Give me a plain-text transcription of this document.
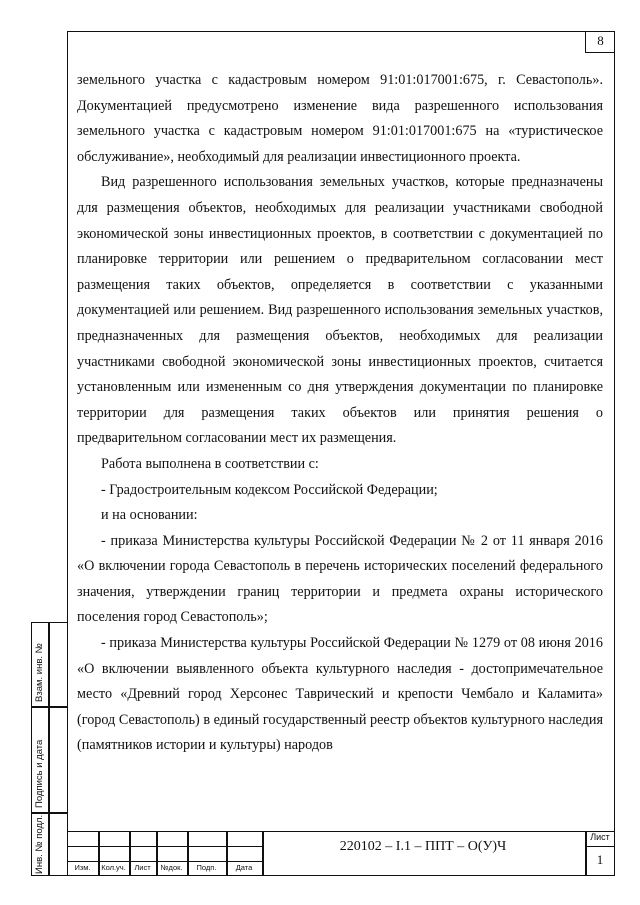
8

земельного участка с кадастровым номером 91:01:017001:675, г. Севастополь». Документацией предусмотрено изменение вида разрешенного использования земельного участка с кадастровым номером 91:01:017001:675 на «туристическое обслуживание», необходимый для реализации инвестиционного проекта.

Вид разрешенного использования земельных участков, которые предназначены для размещения объектов, необходимых для реализации участниками свободной экономической зоны инвестиционных проектов, в соответствии с документацией по планировке территории или решением о предварительном согласовании мест размещения таких объектов, определяется в соответствии с указанными документацией или решением. Вид разрешенного использования земельных участков, предназначенных для размещения объектов, необходимых для реализации участниками свободной экономической зоны инвестиционных проектов, считается установленным или измененным со дня утверждения документации по планировке территории для размещения таких объектов или принятия решения о предварительном согласовании мест их размещения.

Работа выполнена в соответствии с:

- Градостроительным кодексом Российской Федерации;

и на основании:

- приказа Министерства культуры Российской Федерации № 2 от 11 января 2016 «О включении города Севастополь в перечень исторических поселений федерального значения, утверждении границ территории и предмета охраны исторического поселения город Севастополь»;

- приказа Министерства культуры Российской Федерации № 1279 от 08 июня 2016 «О включении выявленного объекта культурного наследия - достопримечательное место «Древний город Херсонес Таврический и крепости Чембало и Каламита» (город Севастополь) в единый государственный реестр объектов культурного наследия (памятников истории и культуры) народов

Взам. инв. №
Подпись и дата
Инв. № подл.	Изм.	Кол.уч.	Лист	№док.	Подп.	Дата
220102 – I.1 – ППТ – О(У)Ч
Лист
1
